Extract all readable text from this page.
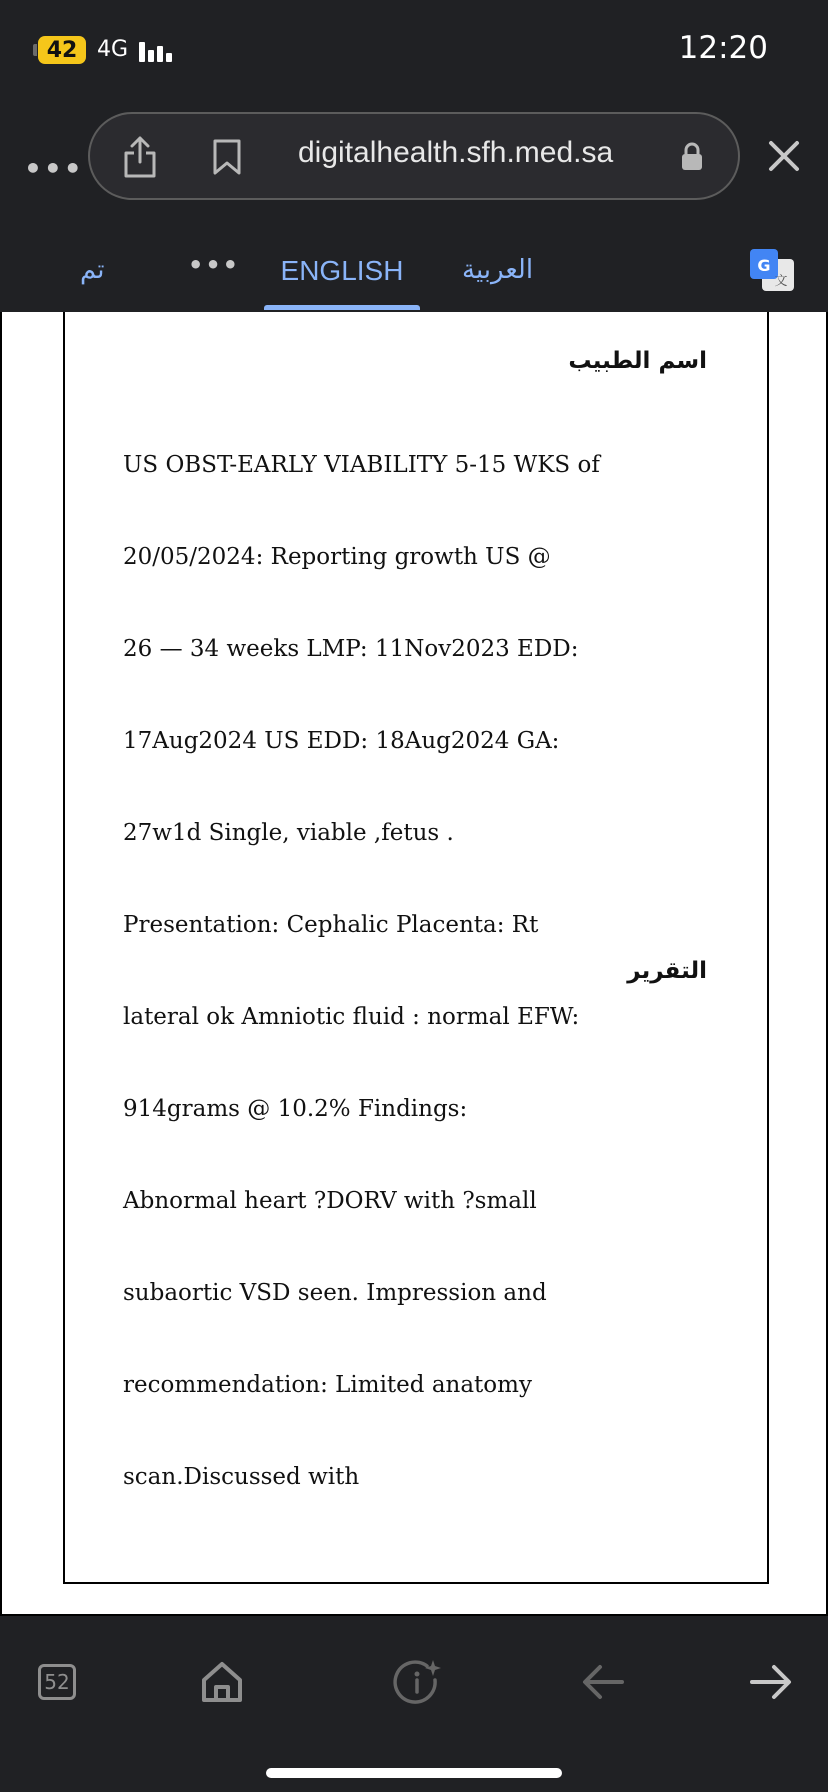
42 4G	12:20
•••	digitalhealth.sfh.med.sa
تم	•••	ENGLISH	العربية	G
文
اسم الطبيب
التقرير
US OBST-EARLY VIABILITY 5-15 WKS of
20/05/2024: Reporting growth US @
26 — 34 weeks LMP: 11Nov2023 EDD:
17Aug2024 US EDD: 18Aug2024 GA:
27w1d Single, viable ,fetus .
Presentation: Cephalic Placenta: Rt
lateral ok Amniotic fluid : normal EFW:
914grams @ 10.2% Findings:
Abnormal heart ?DORV with ?small
subaortic VSD seen. Impression and
recommendation: Limited anatomy
scan.Discussed with
52
